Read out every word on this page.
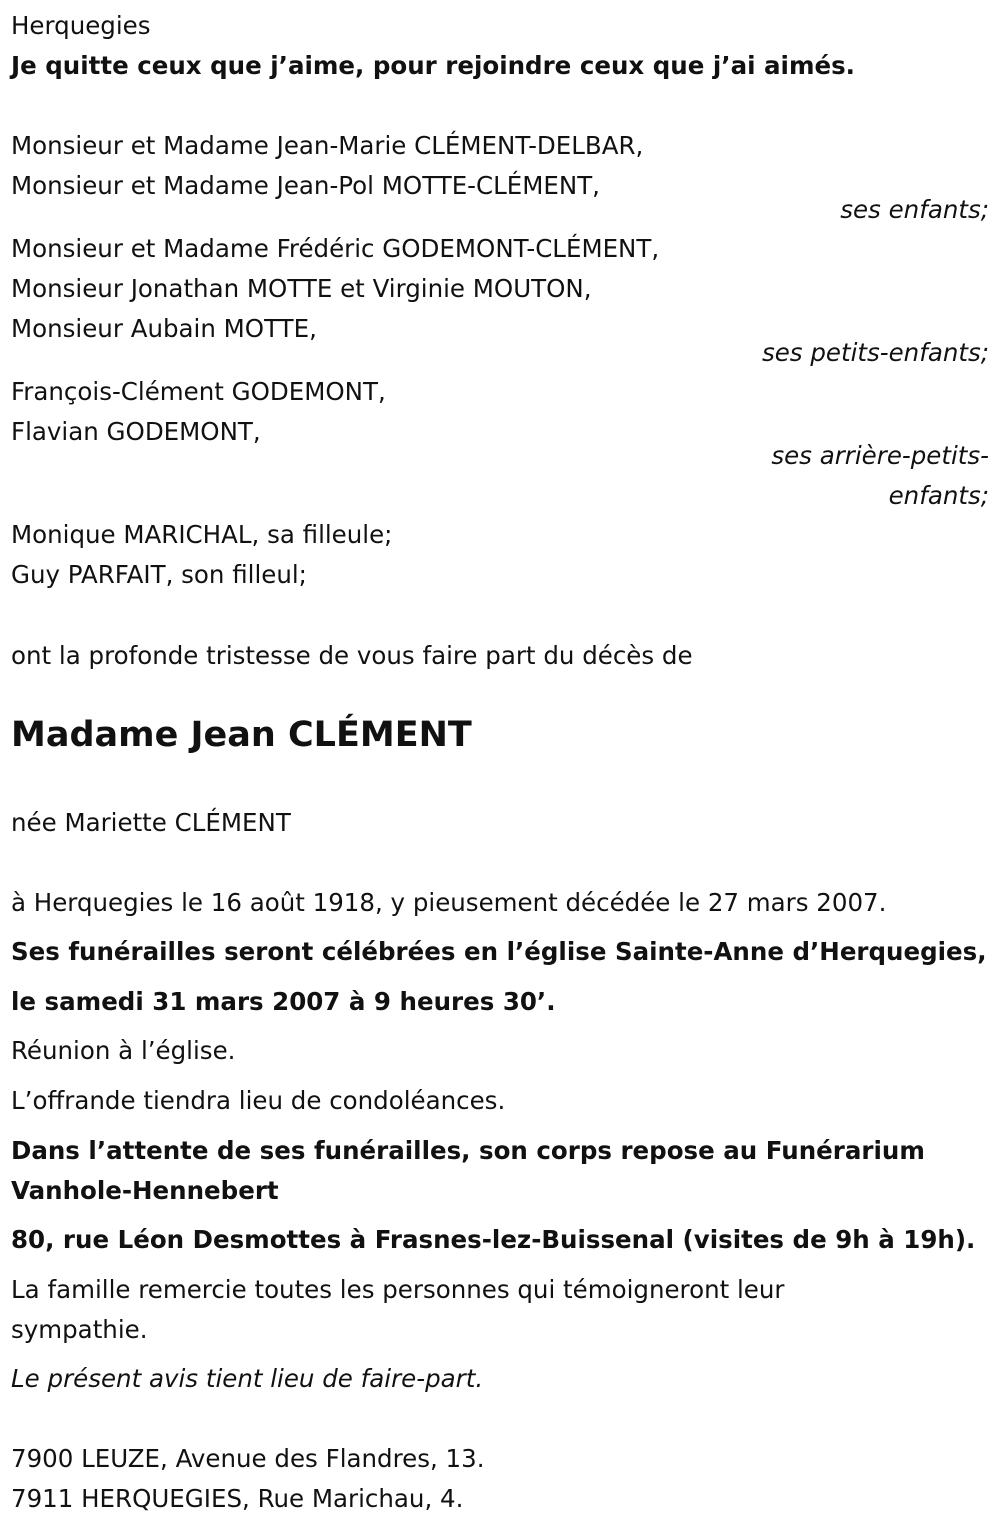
Herquegies

Je quitte ceux que j’aime, pour rejoindre ceux que j’ai aimés.

Monsieur et Madame Jean-Marie CLÉMENT-DELBAR,

Monsieur et Madame Jean-Pol MOTTE-CLÉMENT,

ses enfants;

Monsieur et Madame Frédéric GODEMONT-CLÉMENT,

Monsieur Jonathan MOTTE et Virginie MOUTON,

Monsieur Aubain MOTTE,

ses petits-enfants;

François-Clément GODEMONT,

Flavian GODEMONT,

ses arrière-petits-

enfants;

Monique MARICHAL, sa filleule;

Guy PARFAIT, son filleul;

ont la profonde tristesse de vous faire part du décès de

Madame Jean CLÉMENT

née Mariette CLÉMENT

à Herquegies le 16 août 1918, y pieusement décédée le 27 mars 2007.

Ses funérailles seront célébrées en l’église Sainte-Anne d’Herquegies,

le samedi 31 mars 2007 à 9 heures 30’.

Réunion à l’église.

L’offrande tiendra lieu de condoléances.

Dans l’attente de ses funérailles, son corps repose au Funérarium

Vanhole-Hennebert

80, rue Léon Desmottes à Frasnes-lez-Buissenal (visites de 9h à 19h).

La famille remercie toutes les personnes qui témoigneront leur

sympathie.

Le présent avis tient lieu de faire-part.

7900 LEUZE, Avenue des Flandres, 13.

7911 HERQUEGIES, Rue Marichau, 4.
